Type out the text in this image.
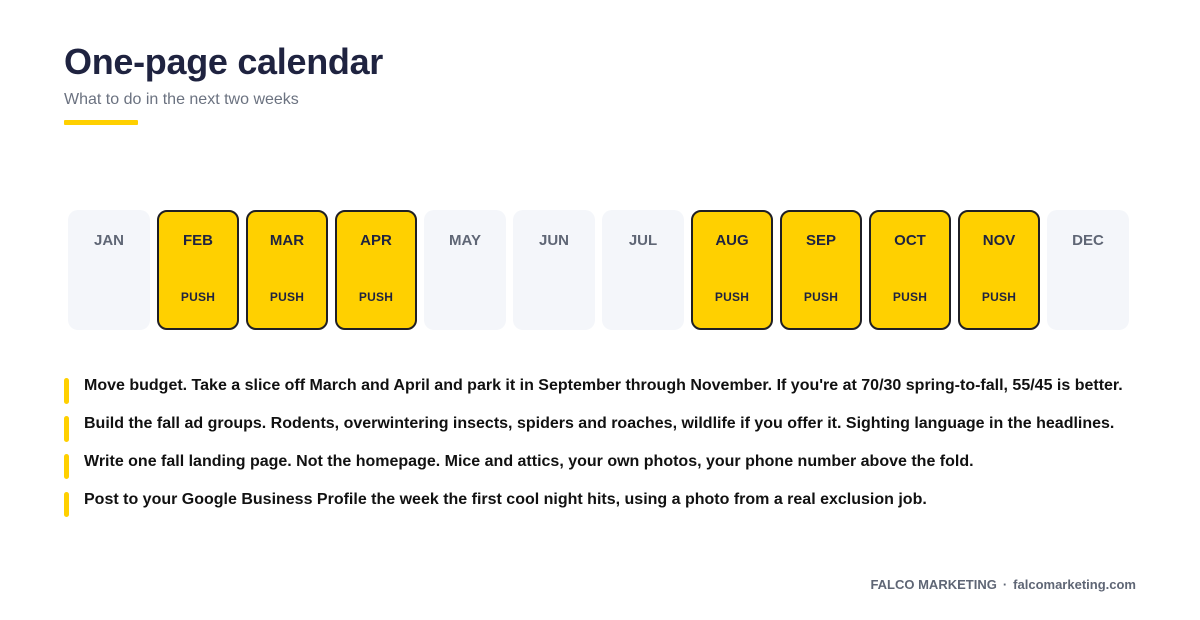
One-page calendar
What to do in the next two weeks
JAN	FEB
PUSH
MAR
PUSH
APR
PUSH
MAY	JUN	JUL	AUG
PUSH
SEP
PUSH
OCT
PUSH
NOV
PUSH
DEC
Move budget. Take a slice off March and April and park it in September through November. If you're at 70/30 spring-to-fall, 55/45 is better.
Build the fall ad groups. Rodents, overwintering insects, spiders and roaches, wildlife if you offer it. Sighting language in the headlines.
Write one fall landing page. Not the homepage. Mice and attics, your own photos, your phone number above the fold.
Post to your Google Business Profile the week the first cool night hits, using a photo from a real exclusion job.
FALCO MARKETING · falcomarketing.com
